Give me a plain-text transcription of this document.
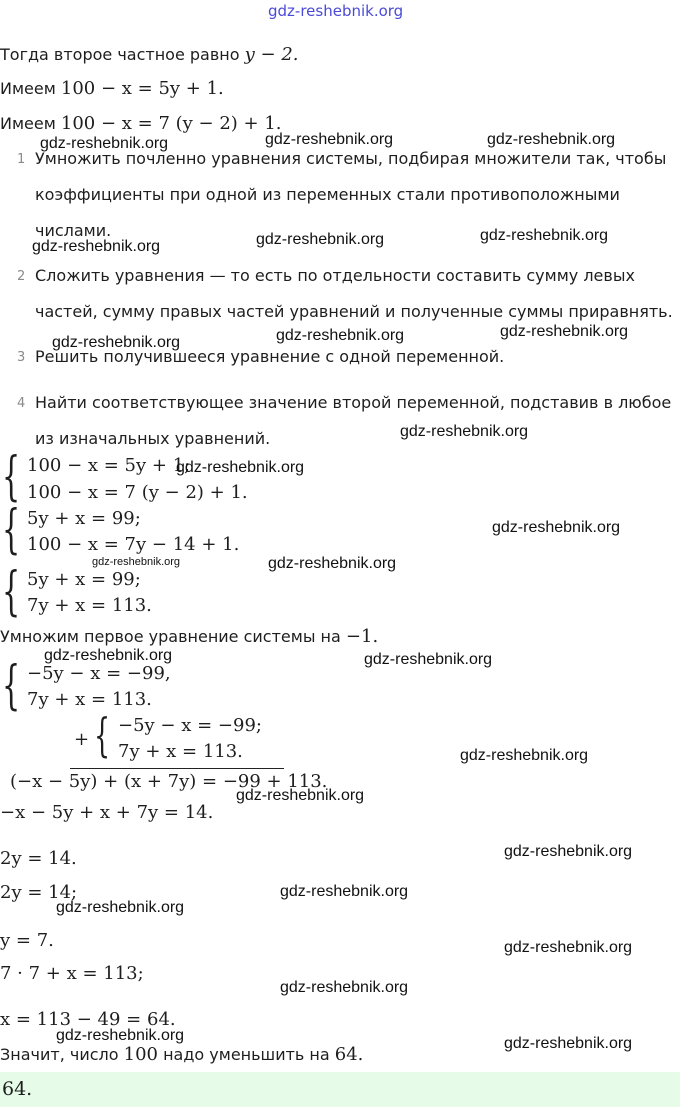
gdz-reshebnik.org
Тогда второе частное равно y − 2.
Имеем 100 − x = 5y + 1.
Имеем 100 − x = 7 (y − 2) + 1.
1 Умножить почленно уравнения системы, подбирая множители так, чтобы
коэффициенты при одной из переменных стали противоположными
числами.
2 Сложить уравнения — то есть по отдельности составить сумму левых
частей, сумму правых частей уравнений и полученные суммы приравнять.
3 Решить получившееся уравнение с одной переменной.
4 Найти соответствующее значение второй переменной, подставив в любое
из изначальных уравнений.
{ 100 − x = 5y + 1;
100 − x = 7 (y − 2) + 1.
{ 5y + x = 99;
100 − x = 7y − 14 + 1.
{ 5y + x = 99;
7y + x = 113.
Умножим первое уравнение системы на −1.
{ −5y − x = −99,
7y + x = 113.
+ { −5y − x = −99;
7y + x = 113.
(−x − 5y) + (x + 7y) = −99 + 113.
−x − 5y + x + 7y = 14.
2y = 14.
2y = 14;
y = 7.
7 · 7 + x = 113;
x = 113 − 49 = 64.
Значит, число 100 надо уменьшить на 64.
64.
gdz-reshebnik.org	gdz-reshebnik.org
gdz-reshebnik.org
gdz-reshebnik.org	gdz-reshebnik.org	gdz-reshebnik.org
gdz-reshebnik.org	gdz-reshebnik.org	gdz-reshebnik.org
gdz-reshebnik.org
gdz-reshebnik.org
gdz-reshebnik.org
gdz-reshebnik.org	gdz-reshebnik.org
gdz-reshebnik.org	gdz-reshebnik.org
gdz-reshebnik.org
gdz-reshebnik.org
gdz-reshebnik.org
gdz-reshebnik.org
gdz-reshebnik.org
gdz-reshebnik.org
gdz-reshebnik.org
gdz-reshebnik.org	gdz-reshebnik.org
